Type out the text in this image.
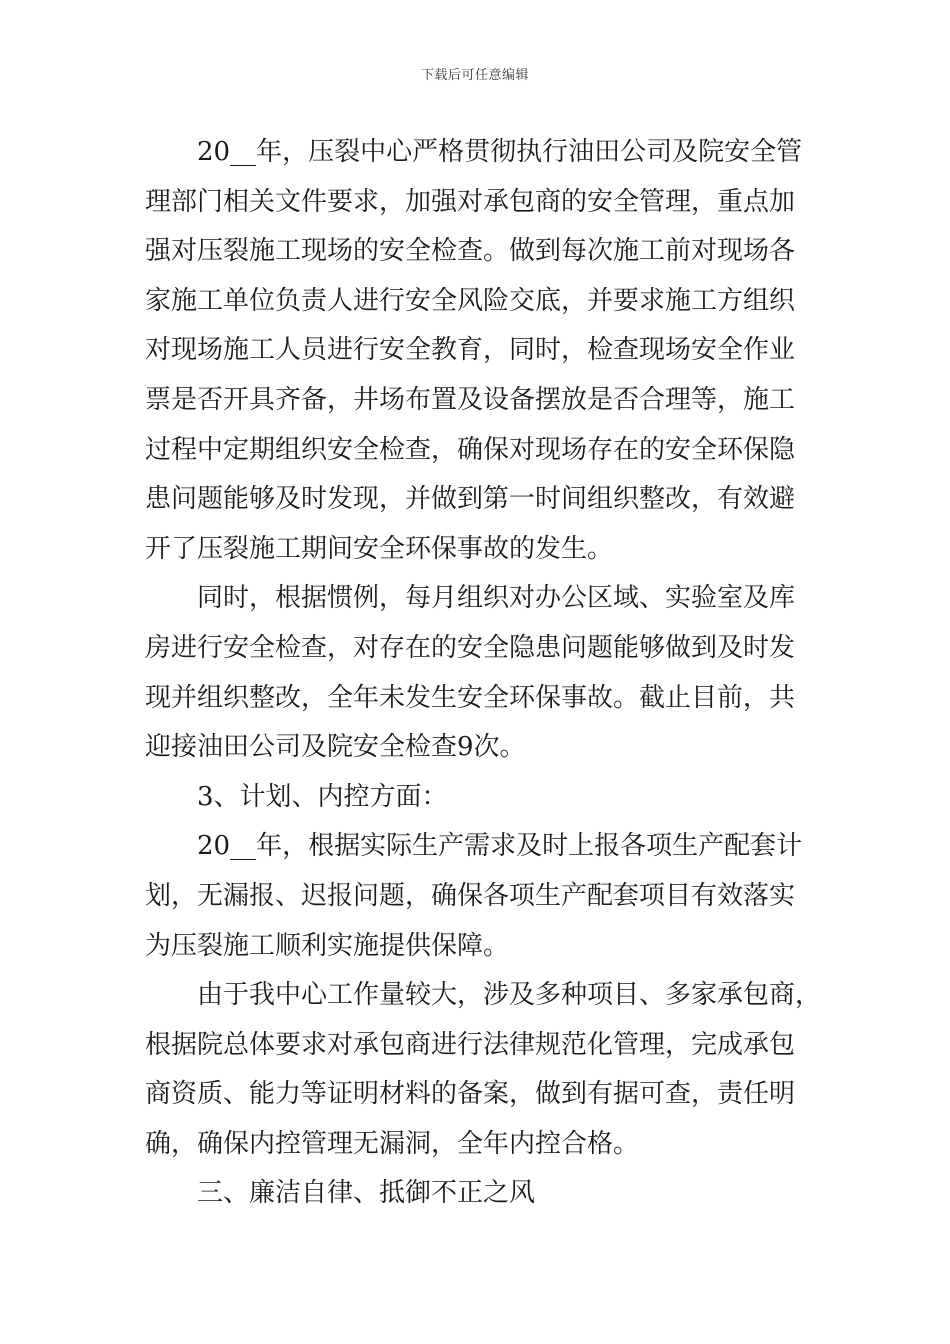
下载后可任意编辑
20__年，压裂中心严格贯彻执行油田公司及院安全管
理部门相关文件要求，加强对承包商的安全管理，重点加
强对压裂施工现场的安全检查。做到每次施工前对现场各
家施工单位负责人进行安全风险交底，并要求施工方组织
对现场施工人员进行安全教育，同时，检查现场安全作业
票是否开具齐备，井场布置及设备摆放是否合理等，施工
过程中定期组织安全检查，确保对现场存在的安全环保隐
患问题能够及时发现，并做到第一时间组织整改，有效避
开了压裂施工期间安全环保事故的发生。
同时，根据惯例，每月组织对办公区域、实验室及库
房进行安全检查，对存在的安全隐患问题能够做到及时发
现并组织整改，全年未发生安全环保事故。截止目前，共
迎接油田公司及院安全检查9次。
3、计划、内控方面：
20__年，根据实际生产需求及时上报各项生产配套计
划，无漏报、迟报问题，确保各项生产配套项目有效落实
为压裂施工顺利实施提供保障。
由于我中心工作量较大，涉及多种项目、多家承包商，
根据院总体要求对承包商进行法律规范化管理，完成承包
商资质、能力等证明材料的备案，做到有据可查，责任明
确，确保内控管理无漏洞，全年内控合格。
三、廉洁自律、抵御不正之风
